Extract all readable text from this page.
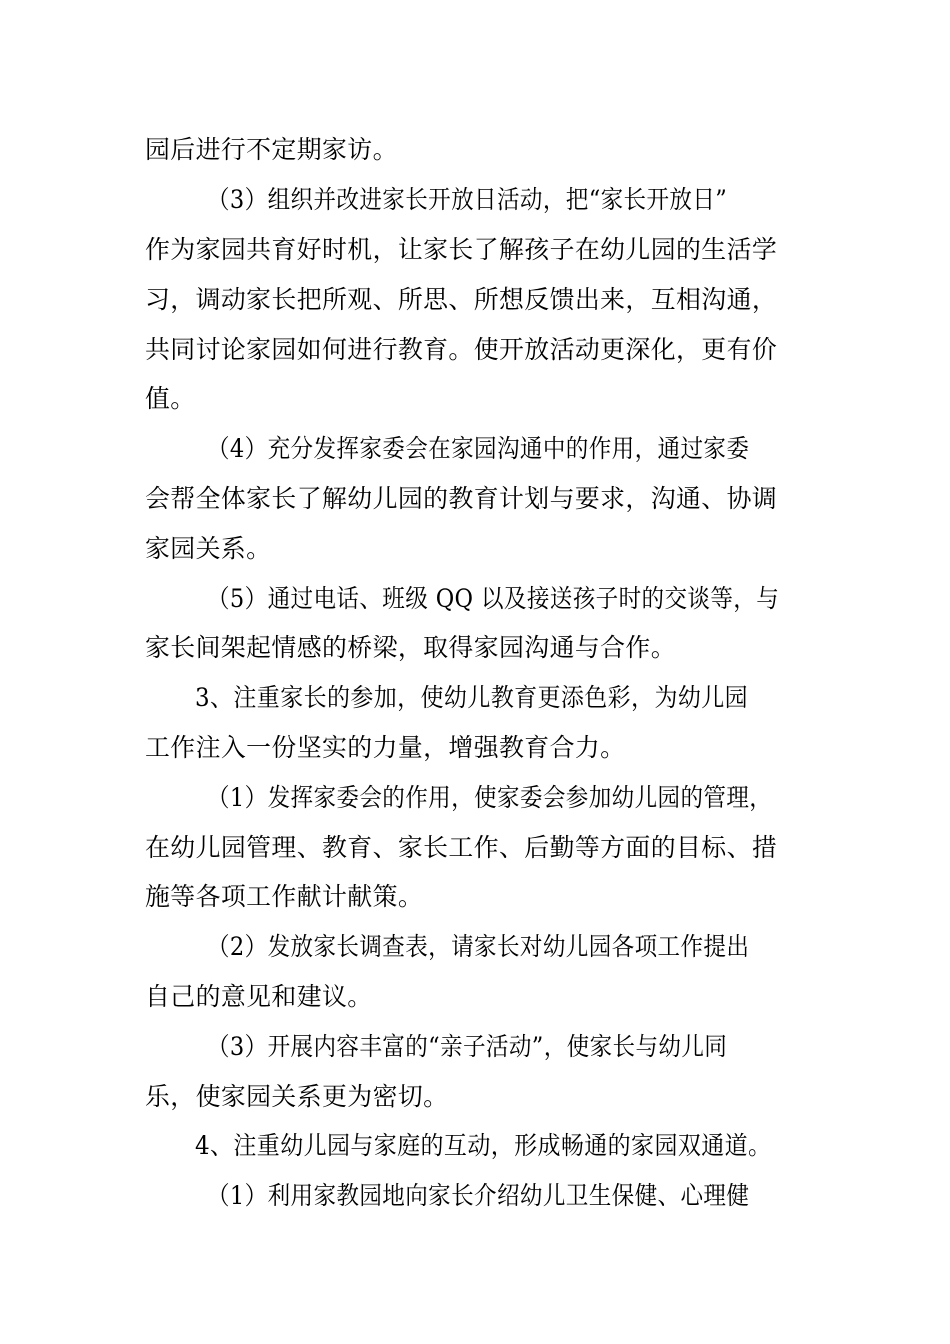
园后进行不定期家访。
（3）组织并改进家长开放日活动，把“家长开放日”
作为家园共育好时机，让家长了解孩子在幼儿园的生活学
习，调动家长把所观、所思、所想反馈出来，互相沟通，
共同讨论家园如何进行教育。使开放活动更深化，更有价
值。
（4）充分发挥家委会在家园沟通中的作用，通过家委
会帮全体家长了解幼儿园的教育计划与要求，沟通、协调
家园关系。
（5）通过电话、班级 QQ 以及接送孩子时的交谈等，与
家长间架起情感的桥梁，取得家园沟通与合作。
3、注重家长的参加，使幼儿教育更添色彩，为幼儿园
工作注入一份坚实的力量，增强教育合力。
（1）发挥家委会的作用，使家委会参加幼儿园的管理，
在幼儿园管理、教育、家长工作、后勤等方面的目标、措
施等各项工作献计献策。
（2）发放家长调查表，请家长对幼儿园各项工作提出
自己的意见和建议。
（3）开展内容丰富的“亲子活动”，使家长与幼儿同
乐，使家园关系更为密切。
4、注重幼儿园与家庭的互动，形成畅通的家园双通道。
（1）利用家教园地向家长介绍幼儿卫生保健、心理健
